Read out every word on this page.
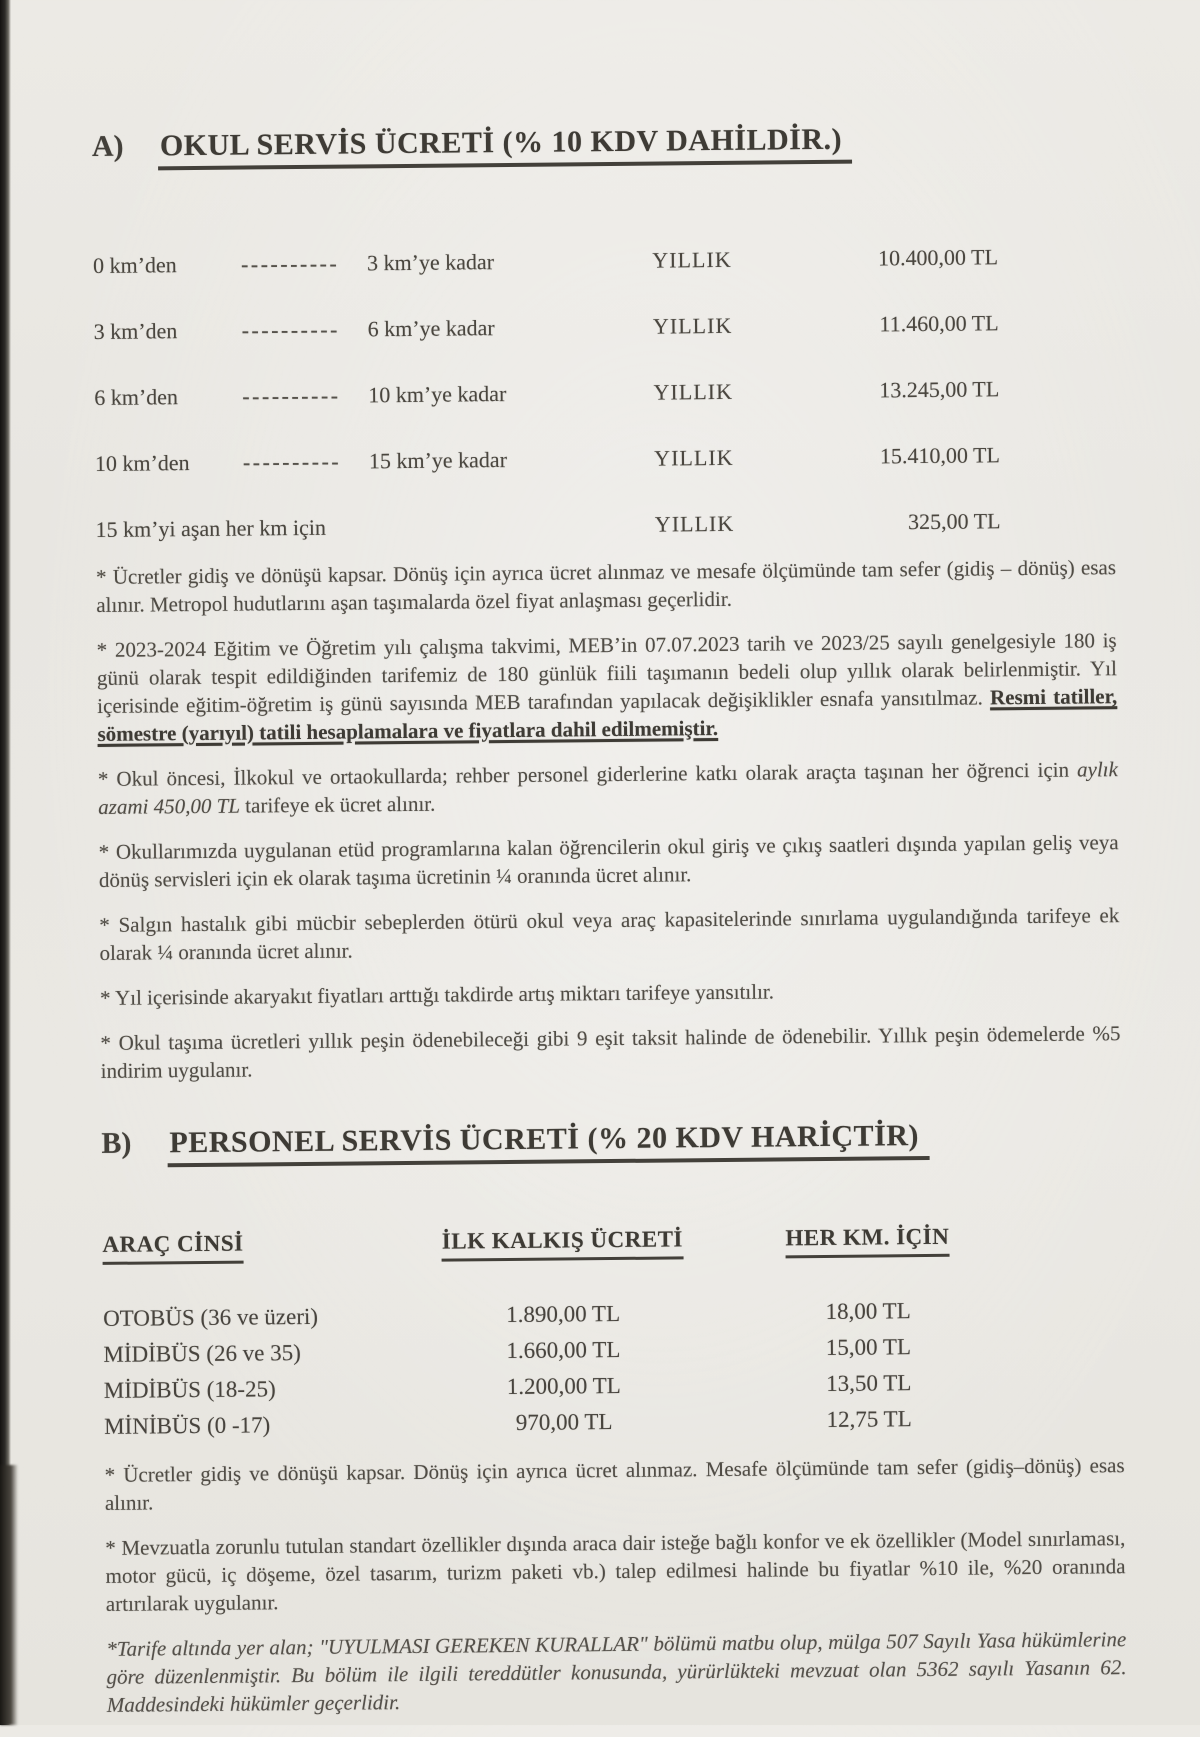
A)	OKUL SERVİS ÜCRETİ (% 10 KDV DAHİLDİR.)
0 km’den	----------	3 km’ye kadar	YILLIK	10.400,00 TL
3 km’den	----------	6 km’ye kadar	YILLIK	11.460,00 TL
6 km’den	----------	10 km’ye kadar	YILLIK	13.245,00 TL
10 km’den	----------	15 km’ye kadar	YILLIK	15.410,00 TL
15 km’yi aşan her km için	YILLIK	325,00 TL

* Ücretler gidiş ve dönüşü kapsar. Dönüş için ayrıca ücret alınmaz ve mesafe ölçümünde tam sefer (gidiş – dönüş) esas alınır. Metropol hudutlarını aşan taşımalarda özel fiyat anlaşması geçerlidir.

* 2023-2024 Eğitim ve Öğretim yılı çalışma takvimi, MEB’in 07.07.2023 tarih ve 2023/25 sayılı genelgesiyle 180 iş günü olarak tespit edildiğinden tarifemiz de 180 günlük fiili taşımanın bedeli olup yıllık olarak belirlenmiştir. Yıl içerisinde eğitim-öğretim iş günü sayısında MEB tarafından yapılacak değişiklikler esnafa yansıtılmaz. Resmi tatiller, sömestre (yarıyıl) tatili hesaplamalara ve fiyatlara dahil edilmemiştir.

* Okul öncesi, İlkokul ve ortaokullarda; rehber personel giderlerine katkı olarak araçta taşınan her öğrenci için aylık azami 450,00 TL tarifeye ek ücret alınır.

* Okullarımızda uygulanan etüd programlarına kalan öğrencilerin okul giriş ve çıkış saatleri dışında yapılan geliş veya dönüş servisleri için ek olarak taşıma ücretinin ¼ oranında ücret alınır.

* Salgın hastalık gibi mücbir sebeplerden ötürü okul veya araç kapasitelerinde sınırlama uygulandığında tarifeye ek olarak ¼ oranında ücret alınır.

* Yıl içerisinde akaryakıt fiyatları arttığı takdirde artış miktarı tarifeye yansıtılır.

* Okul taşıma ücretleri yıllık peşin ödenebileceği gibi 9 eşit taksit halinde de ödenebilir. Yıllık peşin ödemelerde %5 indirim uygulanır.

B)	PERSONEL SERVİS ÜCRETİ (% 20 KDV HARİÇTİR)
ARAÇ CİNSİ	İLK KALKIŞ ÜCRETİ	HER KM. İÇİN
OTOBÜS (36 ve üzeri)	1.890,00 TL	18,00 TL
MİDİBÜS (26 ve 35)	1.660,00 TL	15,00 TL
MİDİBÜS (18-25)	1.200,00 TL	13,50 TL
MİNİBÜS (0 -17)	970,00 TL	12,75 TL

* Ücretler gidiş ve dönüşü kapsar. Dönüş için ayrıca ücret alınmaz. Mesafe ölçümünde tam sefer (gidiş–dönüş) esas alınır.

* Mevzuatla zorunlu tutulan standart özellikler dışında araca dair isteğe bağlı konfor ve ek özellikler (Model sınırlaması, motor gücü, iç döşeme, özel tasarım, turizm paketi vb.) talep edilmesi halinde bu fiyatlar %10 ile, %20 oranında artırılarak uygulanır.

*Tarife altında yer alan; "UYULMASI GEREKEN KURALLAR" bölümü matbu olup, mülga 507 Sayılı Yasa hükümlerine göre düzenlenmiştir. Bu bölüm ile ilgili tereddütler konusunda, yürürlükteki mevzuat olan 5362 sayılı Yasanın 62. Maddesindeki hükümler geçerlidir.
